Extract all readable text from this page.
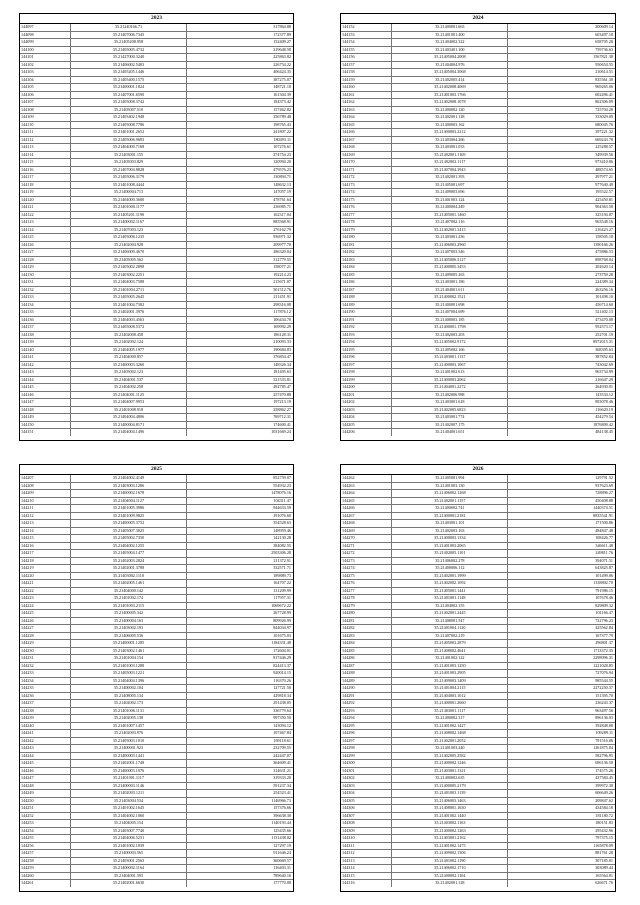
2023
144097	35.21240166.71	317864.88
144098	35.21407006.7345	172377.89
144099	35.21405208.958	152409.27
144100	35.21405005.4732	219648.58
144101	35.21427000.3240	225863.82
144102	35.21406002.5483	226754.22
144103	35.21405205.1446	406424.35
144104	35.21405400.1575	387275.07
144105	35.21400001.1824	148721.10
144106	35.21407001.6590	161304.39
144107	35.21405008.3742	184373.42
144108	35.21405007.510	157462.82
144109	35.21403402.1948	256789.48
144110	35.21405008.7786	198765.43
144111	35.21401001.2652	241807.22
144112	35.21405006.9683	180493.11
144113	35.21404000.7168	107276.61
144114	35.21403001.155	274754.23
144115	35.21405003.829	120994.20
144116	35.21407004.8828	479576.23
144117	35.21405006.3179	130894.71
144118	35.21401008.4444	148632.13
144119	35.21400004.713	147057.19
144120	35.21404000.3600	478761.64
144121	35.21401000.1177	236985.71
144122	35.21405201.1190	162317.04
144123	35.21400002.1167	885568.91
144124	35.21407003.123	276162.79
144125	35.21405006.1235	936971.32
144126	35.21402004.928	209977.70
144127	35.21406000.4670	286320.04
144128	35.21405005.562	312779.55
144129	35.21405002.2898	158077.21
144130	35.21403002.2251	192214.23
144131	35.21404003.7588	215671.07
144132	35.21401004.2711	501512.76
144133	35.21405005.2645	211451.91
144134	35.21401004.7382	298316.08
144135	35.21402001.3976	117876.12
144136	35.21404003.4563	106434.70
144137	35.21405008.5372	169992.29
144138	35.21402008.458	186128.31
144139	35.21402002.124	210093.33
144140	35.21404005.1977	190684.83
144141	35.21404000.857	376854.47
144142	35.21400003.3260	148326.34
144143	35.21405002.123	181495.63
144144	35.21404001.537	521533.81
144145	35.21404002.258	492785.47
144146	35.21404001.1125	257470.88
144147	35.21404007.9953	197213.19
144148	35.21401008.918	258862.27
144149	35.21404004.4806	769712.31
144150	35.21400004.8171	174600.41
144151	35.21404004.1496	1031669.24
2024
144152	35.21400001.663	200609.14
144153	35.21401001.400	603497.18
144154	35.21404002.322	658705.28
144155	35.21403401.100	759736.63
144156	35.21405004.2008	1567821.38
144157	35.21404004.976	950654.55
144158	35.21405004.3068	210614.51
144159	35.21402005.414	835361.30
144160	35.21402008.4069	969265.06
144161	35.21401003.1766	602496.41
144162	35.21402008.1078	862306.09
144163	35.21400002.120	725704.28
144164	35.21402001.128	333029.09
144165	35.21400003.162	680045.76
144166	35.21400003.2212	397221.32
144167	35.21403004.266	669243.78
144168	35.21403001.033	225288.57
144169	35.21402001.1169	349939.56
144170	35.21402002.1117	973410.86
144171	35.21407004.3943	488574.65
144172	35.21402001.393	297977.21
144173	35.21405001.697	977640.49
144174	35.21409003.696	195522.57
144175	35.21401003.124	425450.81
144176	35.21400004.249	904363.58
144177	35.21405001.1460	325194.87
144178	35.21407002.116	963548.16
144179	35.21402001.3415	216423.27
144180	35.21403001.236	158505.18
144181	35.21406003.2960	1390166.26
144182	35.21407003.346	475886.53
144183	35.21405006.3127	898768.04
144184	35.21400005.3453	202620.14
144185	35.21409005.263	273759.28
144186	35.21403001.186	224389.34
144187	35.21404001.611	263256.16
144188	35.21400002.1521	101498.10
144189	35.21400001.698	456714.60
144190	35.21407004.699	521402.13
144191	35.21408003.185	473470.08
144192	35.21400001.1798	952573.17
144193	35.21402003.203	252701.19
144194	35.21405002.9172	8972015.31
144195	35.21405002.166	368395.63
144196	35.21403001.1137	387852.84
144197	35.21400003.1067	743042.69
144198	35.21401002.613	963734.99
144199	35.21400003.2062	216647.29
144200	35.21404001.2272	264930.01
144201	35.21402006.988	143534.12
144202	35.21403001.618	893078.46
144203	35.21402005.6823	116620.19
144204	35.21403001.774	454279.54
144205	35.21402007.175	1876809.42
144206	35.21404001.651	484138.45
2025
144207	35.21404002.4149	852759.07
144208	35.21403003.1286	554932.23
144209	35.21400002.1678	1478076.16
144210	35.21404004.1127	104311.47
144211	35.21401005.3986	944633.59
144212	35.21401009.9825	191076.60
144213	35.21400005.3752	354528.63
144214	35.21405007.3025	148959.46
144215	35.21405002.7350	142130.28
144216	35.21404002.1255	384082.55
144217	35.21405004.1477	2503306.28
144218	35.21402003.2824	211372.91
144219	35.21402001.3788	332571.71
144220	35.21403002.1110	189889.73
144221	35.21402005.1461	164707.22
144222	35.21404000.142	131209.99
144223	35.21401002.174	117957.31
144224	35.21401003.2115	1069672.22
144225	35.21400005.342	267728.99
144226	35.21400004.163	809926.99
144227	35.21403002.193	844034.97
144228	35.21406005.536	101675.03
144229	35.21400001.1285	1184331.48
144230	35.21403002.1461	172604.01
144231	35.21401004.154	817446.29
144232	35.21401003.1288	824413.37
144233	35.21405003.1221	920014.15
144234	35.21404004.1396	116370.26
144235	35.21400002.104	127721.50
144236	35.21408005.134	429818.34
144237	35.21402002.173	291438.05
144238	35.21401006.1131	336779.64
144239	35.21402005.138	997350.50
144240	35.21401007.1457	143094.12
144241	35.21402003.976	107467.84
144242	35.21405003.1010	169118.61
144243	35.21400001.923	232709.55
144244	35.21400003.1441	242447.07
144245	35.21402001.1748	364609.41
144246	35.21400003.1076	314631.21
144247	35.21401001.1117	319333.20
144248	35.21400003.1146	591237.34
144249	35.21402003.1211	254523.41
144250	35.21403004.534	1146966.73
144251	35.21401002.1645	157376.66
144252	35.21404002.1060	396638.30
144253	35.21404005.154	1140193.44
144254	35.21403007.7740	125435.66
144255	35.21404006.5231	1131438.02
144256	35.21401002.1839	127297.19
144257	35.21400003.565	911646.24
144258	35.21403001.2563	360669.57
144259	35.21400002.1164	116403.31
144260	35.21404001.593	789640.16
144261	35.21402001.6630	177770.08
2026
144262	35.21405001.994	129791.52
144263	35.21401003.130	937623.69
144264	35.21406002.1268	728896.27
144265	35.21402001.1157	450408.88
144266	35.21400002.741	1440374.51
144267	35.21400001.2181	8835541.91
144268	35.21403001.101	171500.86
144269	35.21402003.163	484847.48
144270	35.21400003.1334	108426.77
144271	35.21401003.2065	346611.48
144272	35.21402005.1101	249811.76
144273	35.21406002.278	394071.51
144274	35.21400006.112	643825.87
144275	35.21402001.1999	101499.06
144276	35.21402002.1092	1138802.70
144277	35.21405001.1441	791986.15
144278	35.21401001.1148	107678.46
144279	35.21404002.155	829809.32
144280	35.21402001.2445	101166.47
144281	35.21408001.547	722796.23
144282	35.21401004.1120	425562.84
144283	35.21407002.219	167377.79
144284	35.21405003.2879	296801.37
144285	35.21408002.4641	1713372.35
144286	35.21401002.122	2298996.31
144287	35.21401003.1250	1221028.85
144288	35.21401003.2905	727076.94
144289	35.21409003.1409	985544.55
144290	35.21401004.2115	2272250.37
144291	35.21404003.1012	151395.70
144292	35.21400001.2660	236243.37
144293	35.21403001.1117	963497.56
144294	35.21400002.317	896136.03
144295	35.21401002.1427	392848.08
144296	35.21408002.1468	109289.11
144297	35.21402001.2052	791516.06
144298	35.21401003.240	1261875.04
144299	35.21402005.2582	582796.95
144300	35.21400002.1246	696136.50
144301	35.21403001.1321	174575.26
144302	35.21400002.635	437584.45
144303	35.21400005.2179	399972.38
144304	35.21401003.1139	606649.26
144305	35.21406003.1463	209847.62
144306	35.21408001.1630	434584.18
144307	35.21401002.1440	181180.72
144308	35.21403002.1163	180151.83
144309	35.21400002.1263	295432.96
144310	35.21403001.2162	797375.15
144311	35.21401002.1475	1165878.09
144312	35.21409002.1306	881761.28
144313	35.21401002.1190	307185.01
144314	35.21406002.1710	303089.44
144315	35.21400002.1104	165564.81
144316	35.21402001.128	626671.76
